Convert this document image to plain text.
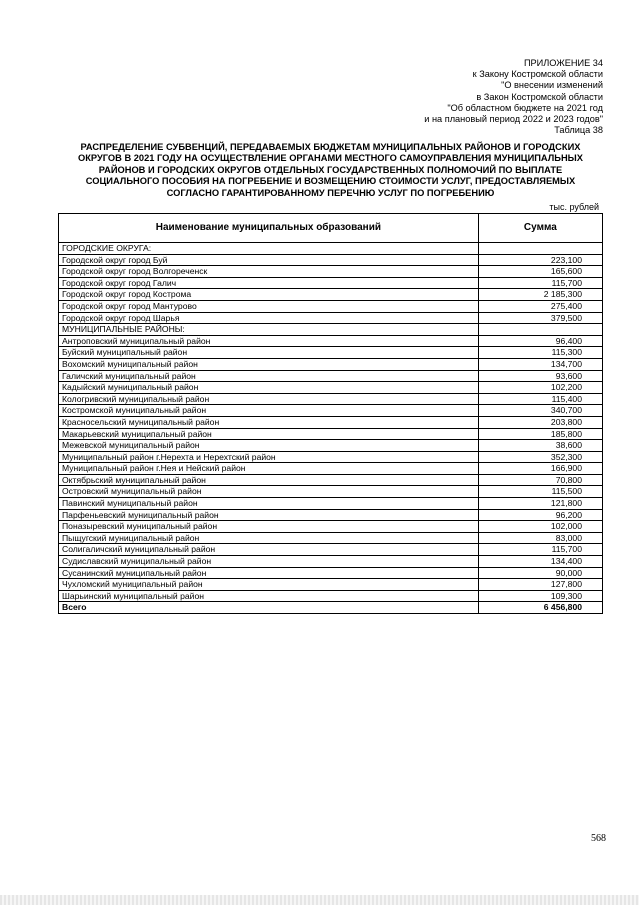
ПРИЛОЖЕНИЕ 34
к Закону Костромской области
"О внесении изменений
в Закон Костромской области
"Об областном бюджете на 2021 год
и на плановый период 2022 и 2023 годов"
Таблица 38
РАСПРЕДЕЛЕНИЕ СУБВЕНЦИЙ, ПЕРЕДАВАЕМЫХ БЮДЖЕТАМ МУНИЦИПАЛЬНЫХ РАЙОНОВ И ГОРОДСКИХ
ОКРУГОВ В 2021 ГОДУ НА ОСУЩЕСТВЛЕНИЕ ОРГАНАМИ МЕСТНОГО САМОУПРАВЛЕНИЯ МУНИЦИПАЛЬНЫХ
РАЙОНОВ И ГОРОДСКИХ ОКРУГОВ ОТДЕЛЬНЫХ ГОСУДАРСТВЕННЫХ ПОЛНОМОЧИЙ ПО ВЫПЛАТЕ
СОЦИАЛЬНОГО ПОСОБИЯ НА ПОГРЕБЕНИЕ И ВОЗМЕЩЕНИЮ СТОИМОСТИ УСЛУГ, ПРЕДОСТАВЛЯЕМЫХ
СОГЛАСНО ГАРАНТИРОВАННОМУ ПЕРЕЧНЮ УСЛУГ ПО ПОГРЕБЕНИЮ
тыс. рублей
Наименование муниципальных образований	Сумма
ГОРОДСКИЕ ОКРУГА:	
Городской округ город Буй	223,100
Городской округ город Волгореченск	165,600
Городской округ город Галич	115,700
Городской округ город Кострома	2 185,300
Городской округ город Мантурово	275,400
Городской округ город Шарья	379,500
МУНИЦИПАЛЬНЫЕ РАЙОНЫ:	
Антроповский муниципальный район	96,400
Буйский муниципальный район	115,300
Вохомский муниципальный район	134,700
Галичский муниципальный район	93,600
Кадыйский муниципальный район	102,200
Кологривский муниципальный район	115,400
Костромской муниципальный район	340,700
Красносельский муниципальный район	203,800
Макарьевский муниципальный район	185,800
Межевской муниципальный район	38,600
Муниципальный район г.Нерехта и Нерехтский район	352,300
Муниципальный район г.Нея и Нейский район	166,900
Октябрьский муниципальный район	70,800
Островский муниципальный район	115,500
Павинский муниципальный район	121,800
Парфеньевский муниципальный район	96,200
Поназыревский муниципальный район	102,000
Пыщугский муниципальный район	83,000
Солигаличский муниципальный район	115,700
Судиславский муниципальный район	134,400
Сусанинский муниципальный район	90,000
Чухломский муниципальный район	127,800
Шарьинский муниципальный район	109,300
Всего	6 456,800
568
